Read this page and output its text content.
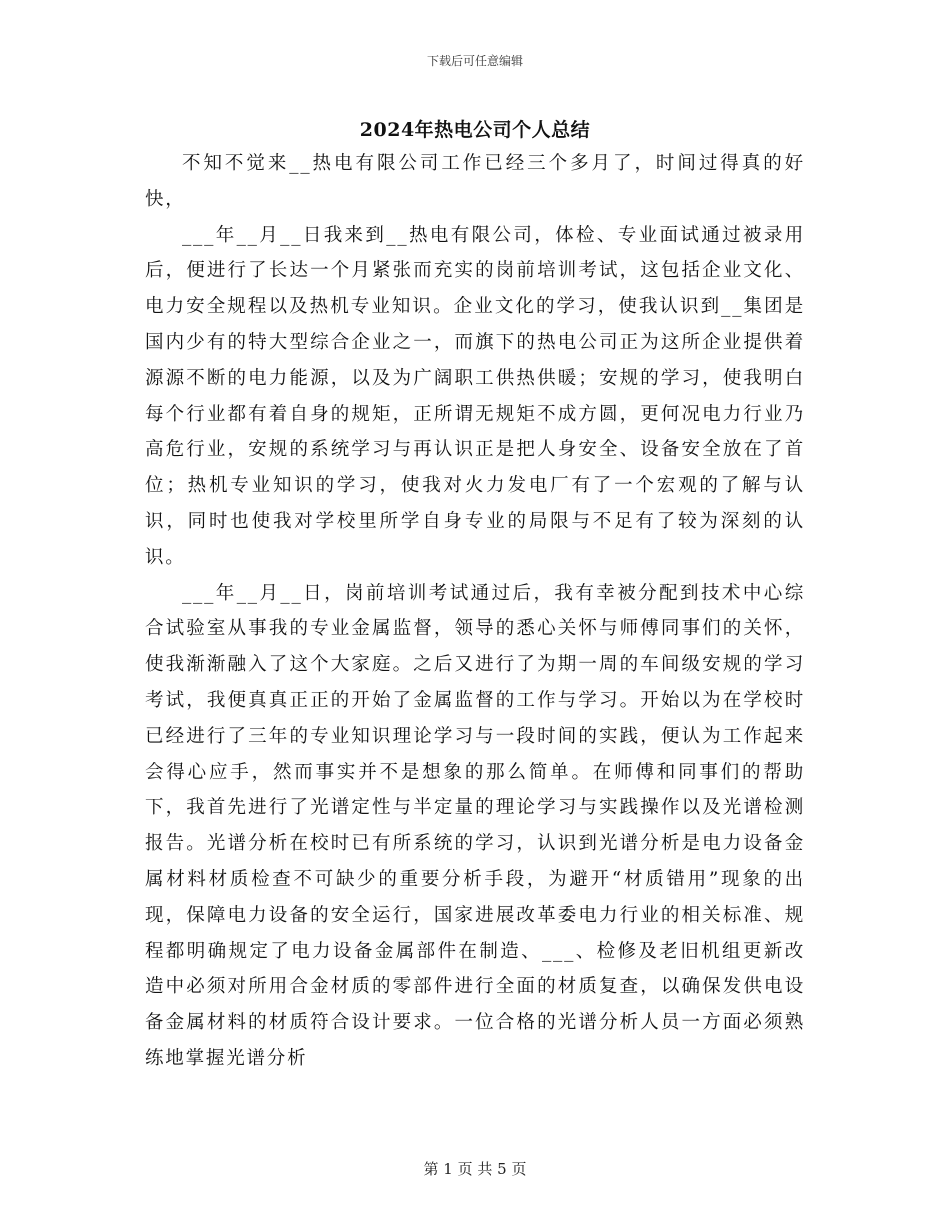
下载后可任意编辑
2024年热电公司个人总结

不知不觉来__热电有限公司工作已经三个多月了，时间过得真的好快，

___年__月__日我来到__热电有限公司，体检、专业面试通过被录用后，便进行了长达一个月紧张而充实的岗前培训考试，这包括企业文化、电力安全规程以及热机专业知识。企业文化的学习，使我认识到__集团是国内少有的特大型综合企业之一，而旗下的热电公司正为这所企业提供着源源不断的电力能源，以及为广阔职工供热供暖；安规的学习，使我明白每个行业都有着自身的规矩，正所谓无规矩不成方圆，更何况电力行业乃高危行业，安规的系统学习与再认识正是把人身安全、设备安全放在了首位；热机专业知识的学习，使我对火力发电厂有了一个宏观的了解与认识，同时也使我对学校里所学自身专业的局限与不足有了较为深刻的认识。

___年__月__日，岗前培训考试通过后，我有幸被分配到技术中心综合试验室从事我的专业金属监督，领导的悉心关怀与师傅同事们的关怀，使我渐渐融入了这个大家庭。之后又进行了为期一周的车间级安规的学习考试，我便真真正正的开始了金属监督的工作与学习。开始以为在学校时已经进行了三年的专业知识理论学习与一段时间的实践，便认为工作起来会得心应手，然而事实并不是想象的那么简单。在师傅和同事们的帮助下，我首先进行了光谱定性与半定量的理论学习与实践操作以及光谱检测报告。光谱分析在校时已有所系统的学习，认识到光谱分析是电力设备金属材料材质检查不可缺少的重要分析手段，为避开“材质错用”现象的出现，保障电力设备的安全运行，国家进展改革委电力行业的相关标准、规程都明确规定了电力设备金属部件在制造、___、检修及老旧机组更新改造中必须对所用合金材质的零部件进行全面的材质复查，以确保发供电设备金属材料的材质符合设计要求。一位合格的光谱分析人员一方面必须熟练地掌握光谱分析

第 1 页 共 5 页
